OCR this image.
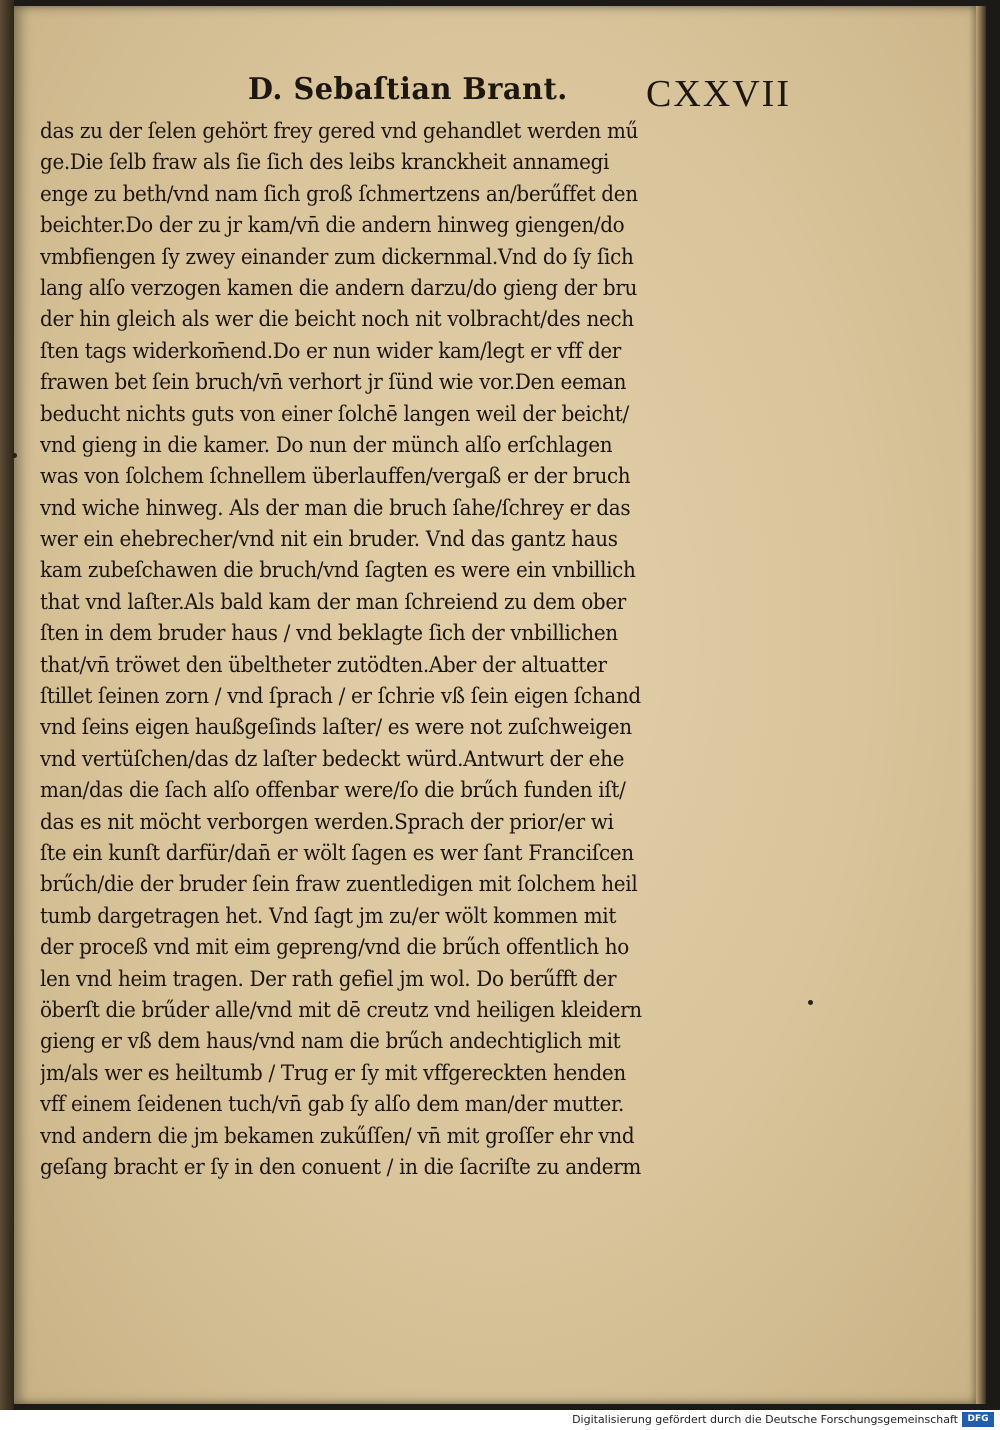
D. Sebaſtian Brant. CXXVII
das zu der ſelen gehört frey gered vnd gehandlet werden mű
ge.Die ſelb fraw als ſie ſich des leibs kranckheit annamegi
enge zu beth/vnd nam ſich groß ſchmertzens an/berűffet den
beichter.Do der zu jr kam/vn̄ die andern hinweg giengen/do
vmbfiengen ſy zwey einander zum dickernmal.Vnd do ſy ſich
lang alſo verzogen kamen die andern darzu/do gieng der bru
der hin gleich als wer die beicht noch nit volbracht/des nech
ſten tags widerkom̄end.Do er nun wider kam/legt er vff der
frawen bet ſein bruch/vn̄ verhort jr ſünd wie vor.Den eeman
beducht nichts guts von einer ſolchē langen weil der beicht/
vnd gieng in die kamer. Do nun der münch alſo erſchlagen
was von ſolchem ſchnellem überlauffen/vergaß er der bruch
vnd wiche hinweg. Als der man die bruch ſahe/ſchrey er das
wer ein ehebrecher/vnd nit ein bruder. Vnd das gantz haus
kam zubeſchawen die bruch/vnd ſagten es were ein vnbillich
that vnd laſter.Als bald kam der man ſchreiend zu dem ober
ſten in dem bruder haus / vnd beklagte ſich der vnbillichen
that/vn̄ tröwet den übeltheter zutödten.Aber der altuatter
ſtillet ſeinen zorn / vnd ſprach / er ſchrie vß ſein eigen ſchand
vnd ſeins eigen haußgeſinds laſter/ es were not zuſchweigen
vnd vertüſchen/das dz laſter bedeckt würd.Antwurt der ehe
man/das die ſach alſo offenbar were/ſo die brűch funden iſt/
das es nit möcht verborgen werden.Sprach der prior/er wi
ſte ein kunſt darfür/dan̄ er wölt ſagen es wer ſant Franciſcen
brűch/die der bruder ſein fraw zuentledigen mit ſolchem heil
tumb dargetragen het. Vnd ſagt jm zu/er wölt kommen mit
der proceß vnd mit eim gepreng/vnd die brűch offentlich ho
len vnd heim tragen. Der rath gefiel jm wol. Do berűfft der
öberſt die brűder alle/vnd mit dē creutz vnd heiligen kleidern
gieng er vß dem haus/vnd nam die brűch andechtiglich mit
jm/als wer es heiltumb / Trug er ſy mit vffgereckten henden
vff einem ſeidenen tuch/vn̄ gab ſy alſo dem man/der mutter.
vnd andern die jm bekamen zukűſſen/ vn̄ mit groſſer ehr vnd
geſang bracht er ſy in den conuent / in die ſacriſte zu anderm
Digitalisierung gefördert durch die Deutsche Forschungsgemeinschaft	DFG
